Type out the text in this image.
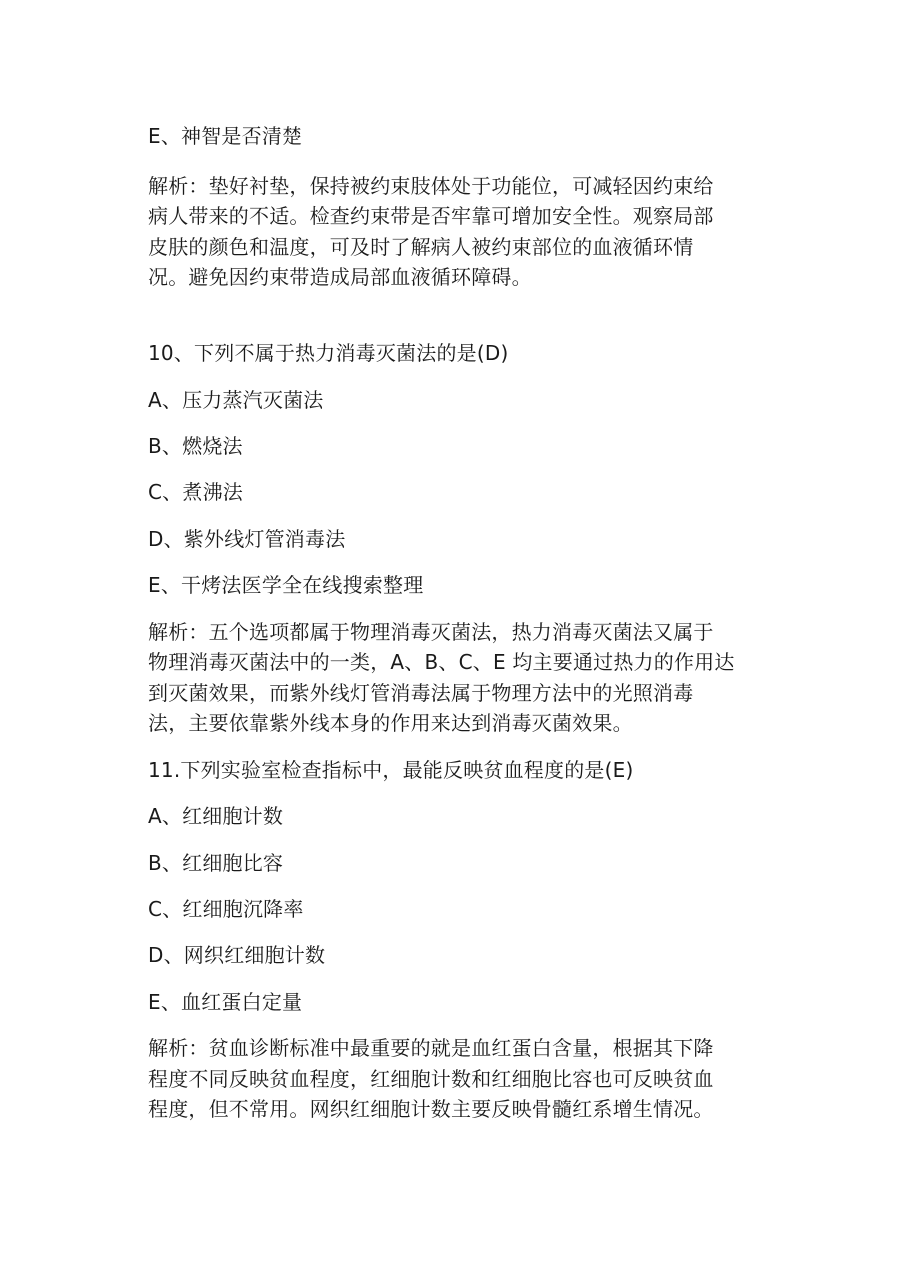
E、神智是否清楚
解析：垫好衬垫，保持被约束肢体处于功能位，可减轻因约束给
病人带来的不适。检查约束带是否牢靠可增加安全性。观察局部
皮肤的颜色和温度，可及时了解病人被约束部位的血液循环情
况。避免因约束带造成局部血液循环障碍。
10、下列不属于热力消毒灭菌法的是(D)
A、压力蒸汽灭菌法
B、燃烧法
C、煮沸法
D、紫外线灯管消毒法
E、干烤法医学全在线搜索整理
解析：五个选项都属于物理消毒灭菌法，热力消毒灭菌法又属于
物理消毒灭菌法中的一类，A、B、C、E 均主要通过热力的作用达
到灭菌效果，而紫外线灯管消毒法属于物理方法中的光照消毒
法，主要依靠紫外线本身的作用来达到消毒灭菌效果。
11.下列实验室检查指标中，最能反映贫血程度的是(E)
A、红细胞计数
B、红细胞比容
C、红细胞沉降率
D、网织红细胞计数
E、血红蛋白定量
解析：贫血诊断标准中最重要的就是血红蛋白含量，根据其下降
程度不同反映贫血程度，红细胞计数和红细胞比容也可反映贫血
程度，但不常用。网织红细胞计数主要反映骨髓红系增生情况。
